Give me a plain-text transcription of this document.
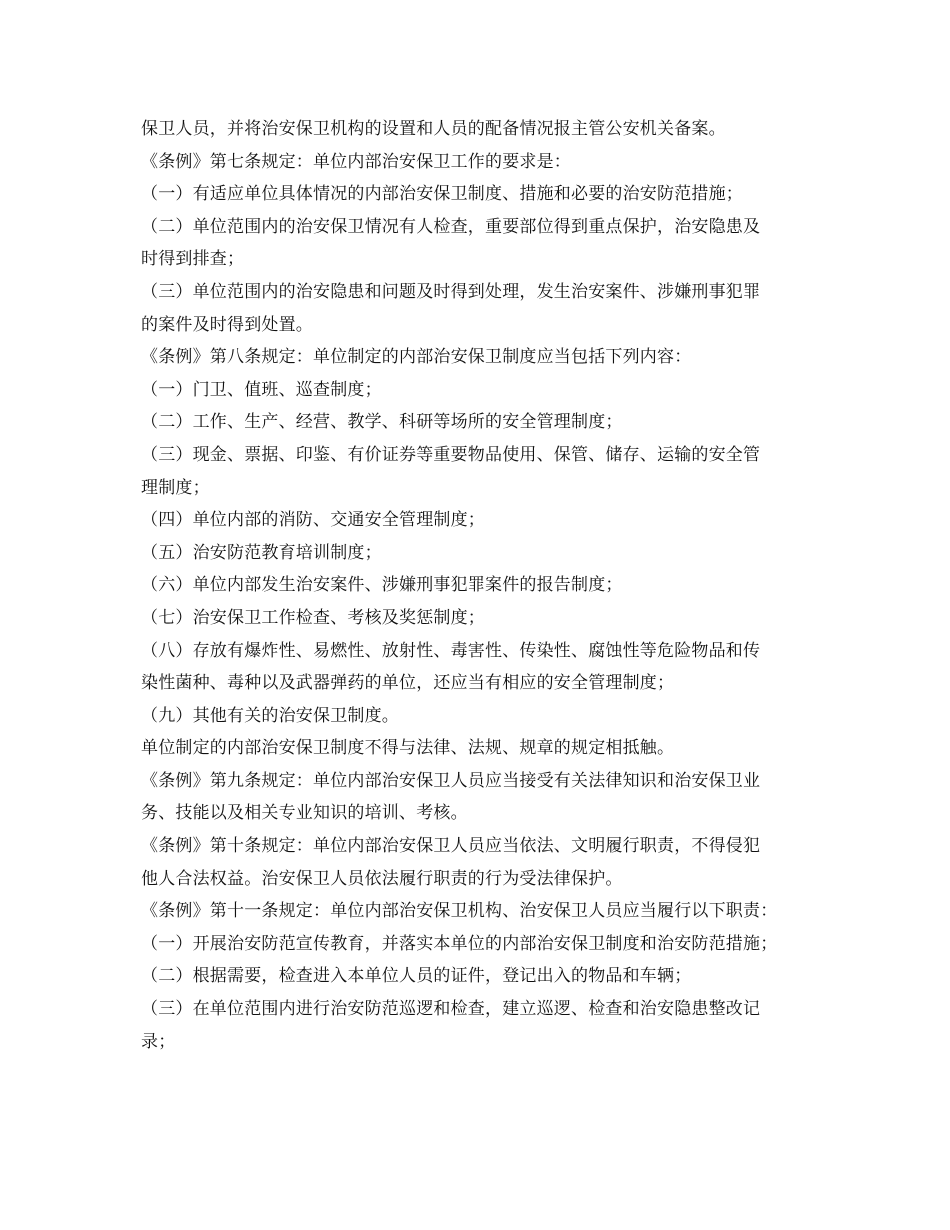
保卫人员，并将治安保卫机构的设置和人员的配备情况报主管公安机关备案。
《条例》第七条规定：单位内部治安保卫工作的要求是：
（一）有适应单位具体情况的内部治安保卫制度、措施和必要的治安防范措施；
（二）单位范围内的治安保卫情况有人检查，重要部位得到重点保护，治安隐患及
时得到排查；
（三）单位范围内的治安隐患和问题及时得到处理，发生治安案件、涉嫌刑事犯罪
的案件及时得到处置。
《条例》第八条规定：单位制定的内部治安保卫制度应当包括下列内容：
（一）门卫、值班、巡查制度；
（二）工作、生产、经营、教学、科研等场所的安全管理制度；
（三）现金、票据、印鉴、有价证券等重要物品使用、保管、储存、运输的安全管
理制度；
（四）单位内部的消防、交通安全管理制度；
（五）治安防范教育培训制度；
（六）单位内部发生治安案件、涉嫌刑事犯罪案件的报告制度；
（七）治安保卫工作检查、考核及奖惩制度；
（八）存放有爆炸性、易燃性、放射性、毒害性、传染性、腐蚀性等危险物品和传
染性菌种、毒种以及武器弹药的单位，还应当有相应的安全管理制度；
（九）其他有关的治安保卫制度。
单位制定的内部治安保卫制度不得与法律、法规、规章的规定相抵触。
《条例》第九条规定：单位内部治安保卫人员应当接受有关法律知识和治安保卫业
务、技能以及相关专业知识的培训、考核。
《条例》第十条规定：单位内部治安保卫人员应当依法、文明履行职责，不得侵犯
他人合法权益。治安保卫人员依法履行职责的行为受法律保护。
《条例》第十一条规定：单位内部治安保卫机构、治安保卫人员应当履行以下职责：
（一）开展治安防范宣传教育，并落实本单位的内部治安保卫制度和治安防范措施；
（二）根据需要，检查进入本单位人员的证件，登记出入的物品和车辆；
（三）在单位范围内进行治安防范巡逻和检查，建立巡逻、检查和治安隐患整改记
录；
